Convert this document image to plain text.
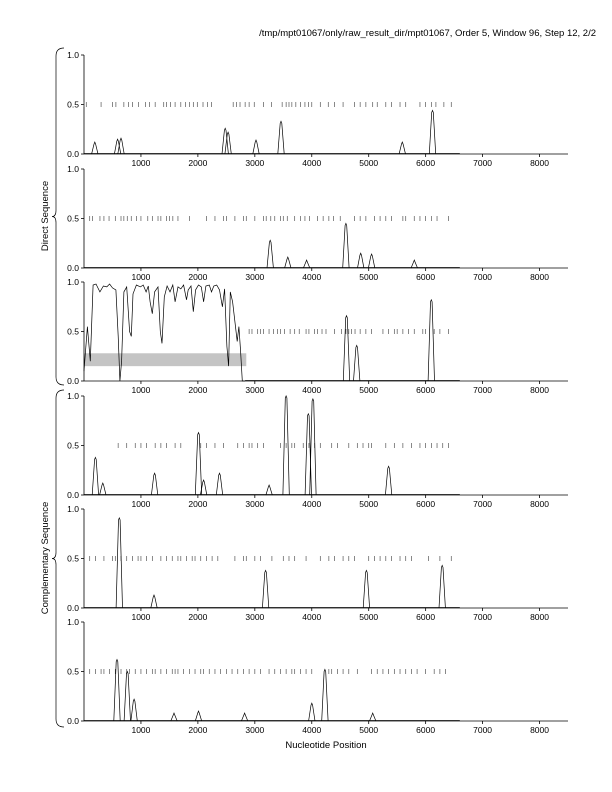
/tmp/mpt01067/only/raw_result_dir/mpt01067, Order 5, Window 96, Step 12, 2/2
Direct Sequence
Complementary Sequence
0.0
0.5
1.0
1000	2000	3000	4000	5000	6000	7000	8000
0.0
0.5
1.0
1000	2000	3000	4000	5000	6000	7000	8000
0.0
0.5
1.0
1000	2000	3000	4000	5000	6000	7000	8000
0.0
0.5
1.0
1000	2000	3000	4000	5000	6000	7000	8000
0.0
0.5
1.0
1000	2000	3000	4000	5000	6000	7000	8000
0.0
0.5
1.0
1000	2000	3000	4000	5000	6000	7000	8000
Nucleotide Position
